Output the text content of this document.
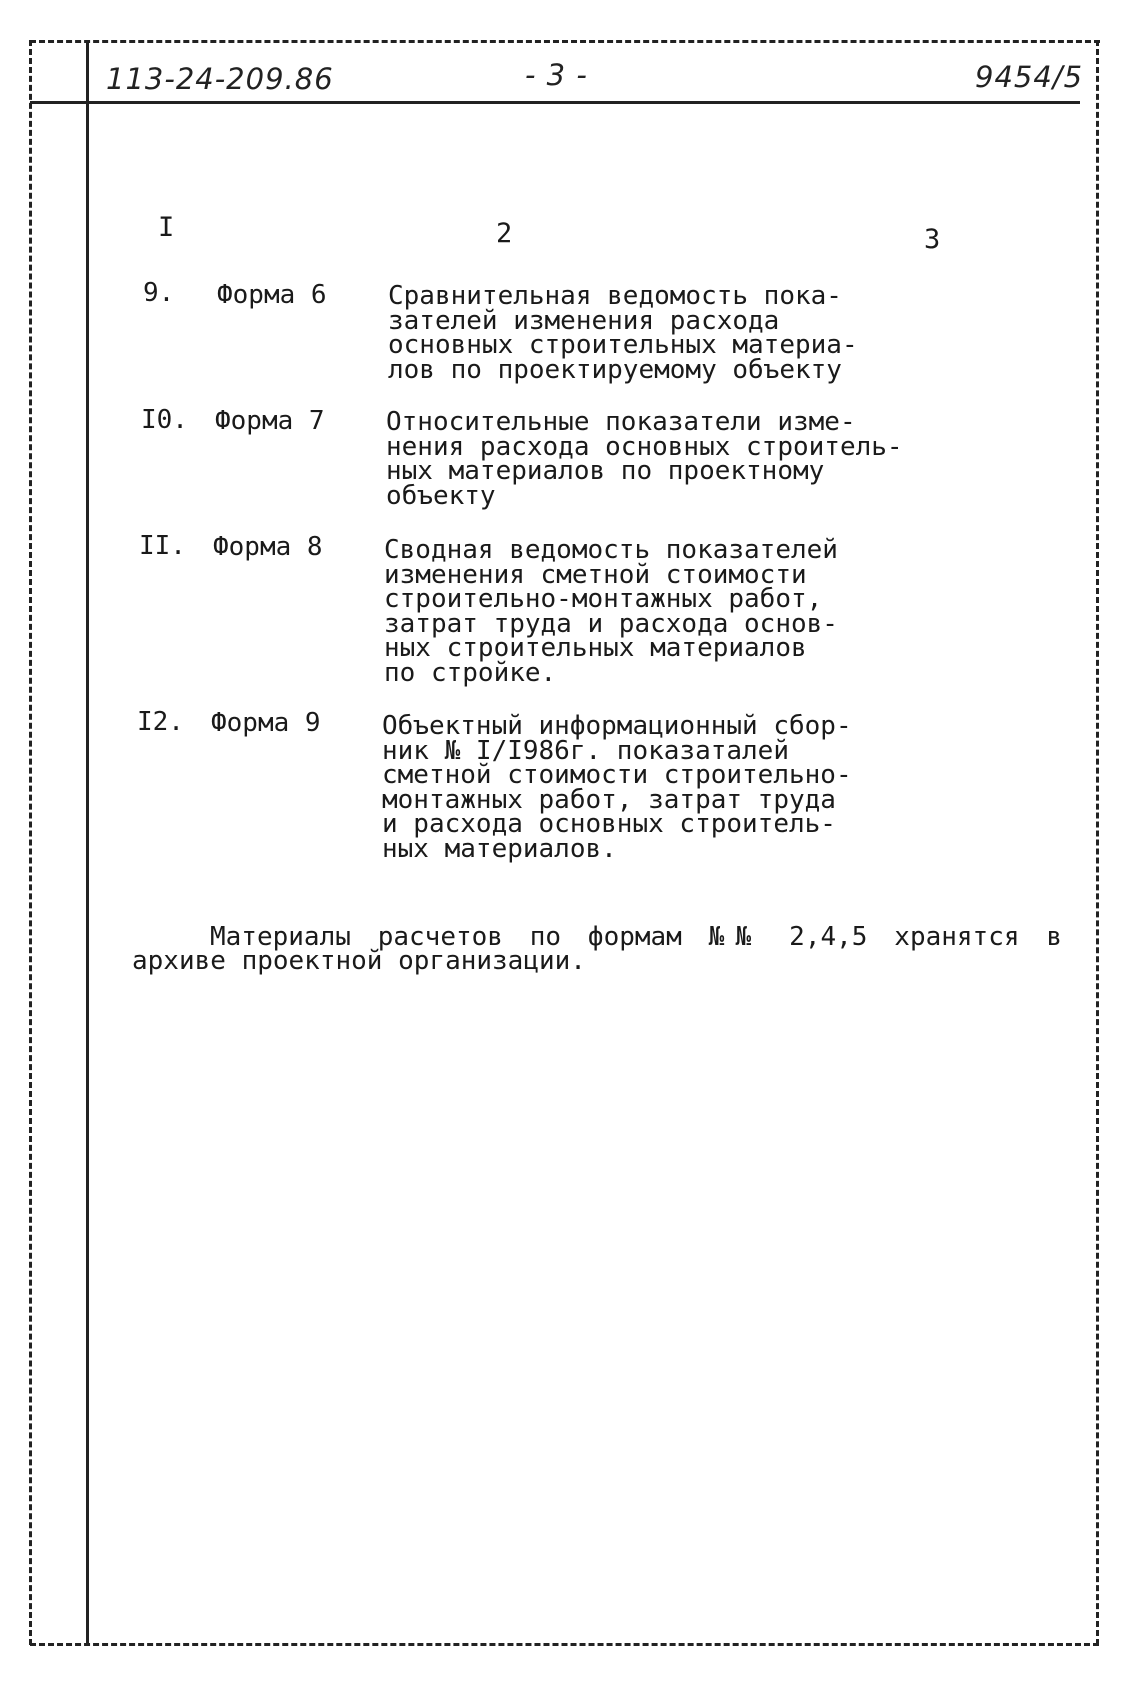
113-24-209.86	- 3 -	9454/5
I	2	3
9. Форма 6 Сравнительная ведомость пока-
зателей изменения расхода
основных строительных материа-
лов по проектируемому объекту
I0. Форма 7 Относительные показатели изме-
нения расхода основных строитель-
ных материалов по проектному
объекту
II. Форма 8 Сводная ведомость показателей
изменения сметной стоимости
строительно-монтажных работ,
затрат труда и расхода основ-
ных строительных материалов
по стройке.
I2. Форма 9 Объектный информационный сбор-
ник № I/I986г. показаталей
сметной стоимости строительно-
монтажных работ, затрат труда
и расхода основных строитель-
ных материалов.
Материалы расчетов по формам №№ 2,4,5 хранятся в архиве проектной организации.
